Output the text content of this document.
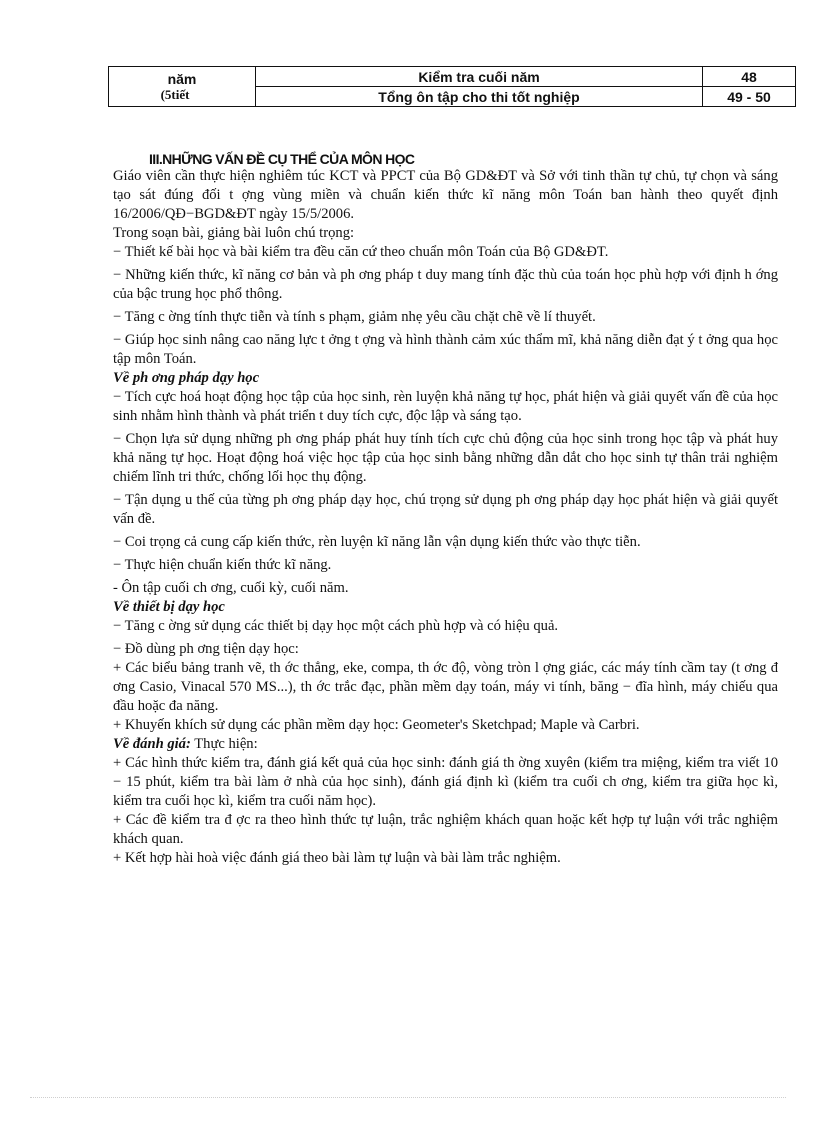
năm
(5tiết	Kiểm tra cuối năm	48
	Tổng ôn tập cho thi tốt nghiệp	49 - 50
III.NHỮNG VẤN ĐỀ CỤ THỂ CỦA MÔN HỌC

Giáo viên cần thực hiện nghiêm túc KCT và PPCT của Bộ GD&ĐT và Sở với tinh thần tự chủ, tự chọn và sáng tạo sát đúng đối t ợng vùng miền và chuẩn kiến thức kĩ năng môn Toán ban hành theo quyết định 16/2006/QĐ−BGD&ĐT ngày 15/5/2006.

Trong soạn bài, giảng bài luôn chú trọng:

− Thiết kế bài học và bài kiểm tra đều căn cứ theo chuẩn môn Toán của Bộ GD&ĐT.

− Những kiến thức, kĩ năng cơ bản và ph ơng pháp t duy mang tính đặc thù của toán học phù hợp với định h ớng của bậc trung học phổ thông.

− Tăng c ờng tính thực tiễn và tính s phạm, giảm nhẹ yêu cầu chặt chẽ về lí thuyết.

− Giúp học sinh nâng cao năng lực t ởng t ợng và hình thành cảm xúc thẩm mĩ, khả năng diễn đạt ý t ởng qua học tập môn Toán.

Về ph ơng pháp dạy học

− Tích cực hoá hoạt động học tập của học sinh, rèn luyện khả năng tự học, phát hiện và giải quyết vấn đề của học sinh nhằm hình thành và phát triển t duy tích cực, độc lập và sáng tạo.

− Chọn lựa sử dụng những ph ơng pháp phát huy tính tích cực chủ động của học sinh trong học tập và phát huy khả năng tự học. Hoạt động hoá việc học tập của học sinh bằng những dẫn dắt cho học sinh tự thân trải nghiệm chiếm lĩnh tri thức, chống lối học thụ động.

− Tận dụng u thế của từng ph ơng pháp dạy học, chú trọng sử dụng ph ơng pháp dạy học phát hiện và giải quyết vấn đề.

− Coi trọng cả cung cấp kiến thức, rèn luyện kĩ năng lẫn vận dụng kiến thức vào thực tiễn.

− Thực hiện chuẩn kiến thức kĩ năng.

- Ôn tập cuối ch ơng, cuối kỳ, cuối năm.

Về thiết bị dạy học

− Tăng c ờng sử dụng các thiết bị dạy học một cách phù hợp và có hiệu quả.

− Đồ dùng ph ơng tiện dạy học:

+ Các biểu bảng tranh vẽ, th ớc thẳng, eke, compa, th ớc độ, vòng tròn l ợng giác, các máy tính cầm tay (t ơng đ ơng Casio, Vinacal 570 MS...), th ớc trắc đạc, phần mềm dạy toán, máy vi tính, băng − đĩa hình, máy chiếu qua đầu hoặc đa năng.

+ Khuyến khích sử dụng các phần mềm dạy học: Geometer's Sketchpad; Maple và Carbri.

Về đánh giá: Thực hiện:

+ Các hình thức kiểm tra, đánh giá kết quả của học sinh: đánh giá th ờng xuyên (kiểm tra miệng, kiểm tra viết 10 − 15 phút, kiểm tra bài làm ở nhà của học sinh), đánh giá định kì (kiểm tra cuối ch ơng, kiểm tra giữa học kì, kiểm tra cuối học kì, kiểm tra cuối năm học).

+ Các đề kiểm tra đ ợc ra theo hình thức tự luận, trắc nghiệm khách quan hoặc kết hợp tự luận với trắc nghiệm khách quan.

+ Kết hợp hài hoà việc đánh giá theo bài làm tự luận và bài làm trắc nghiệm.
